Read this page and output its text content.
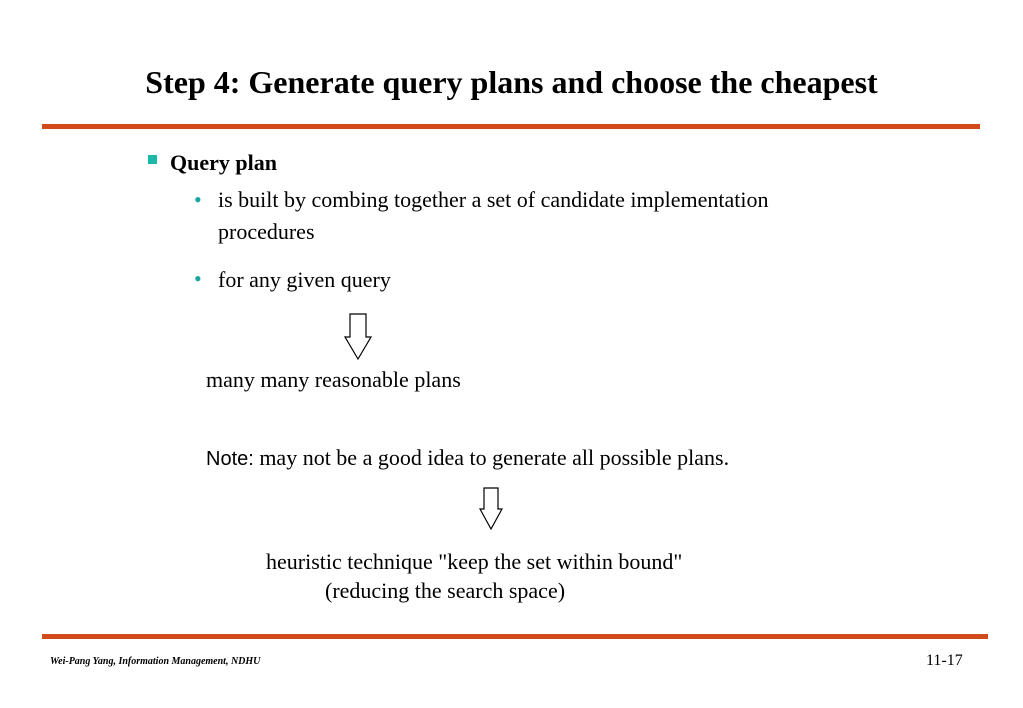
Step 4: Generate query plans and choose the cheapest
Query plan
• is built by combing together a set of candidate implementation
procedures
• for any given query
many many reasonable plans
Note: may not be a good idea to generate all possible plans.
heuristic technique "keep the set within bound"
(reducing the search space)
Wei-Pang Yang, Information Management, NDHU	11-17
